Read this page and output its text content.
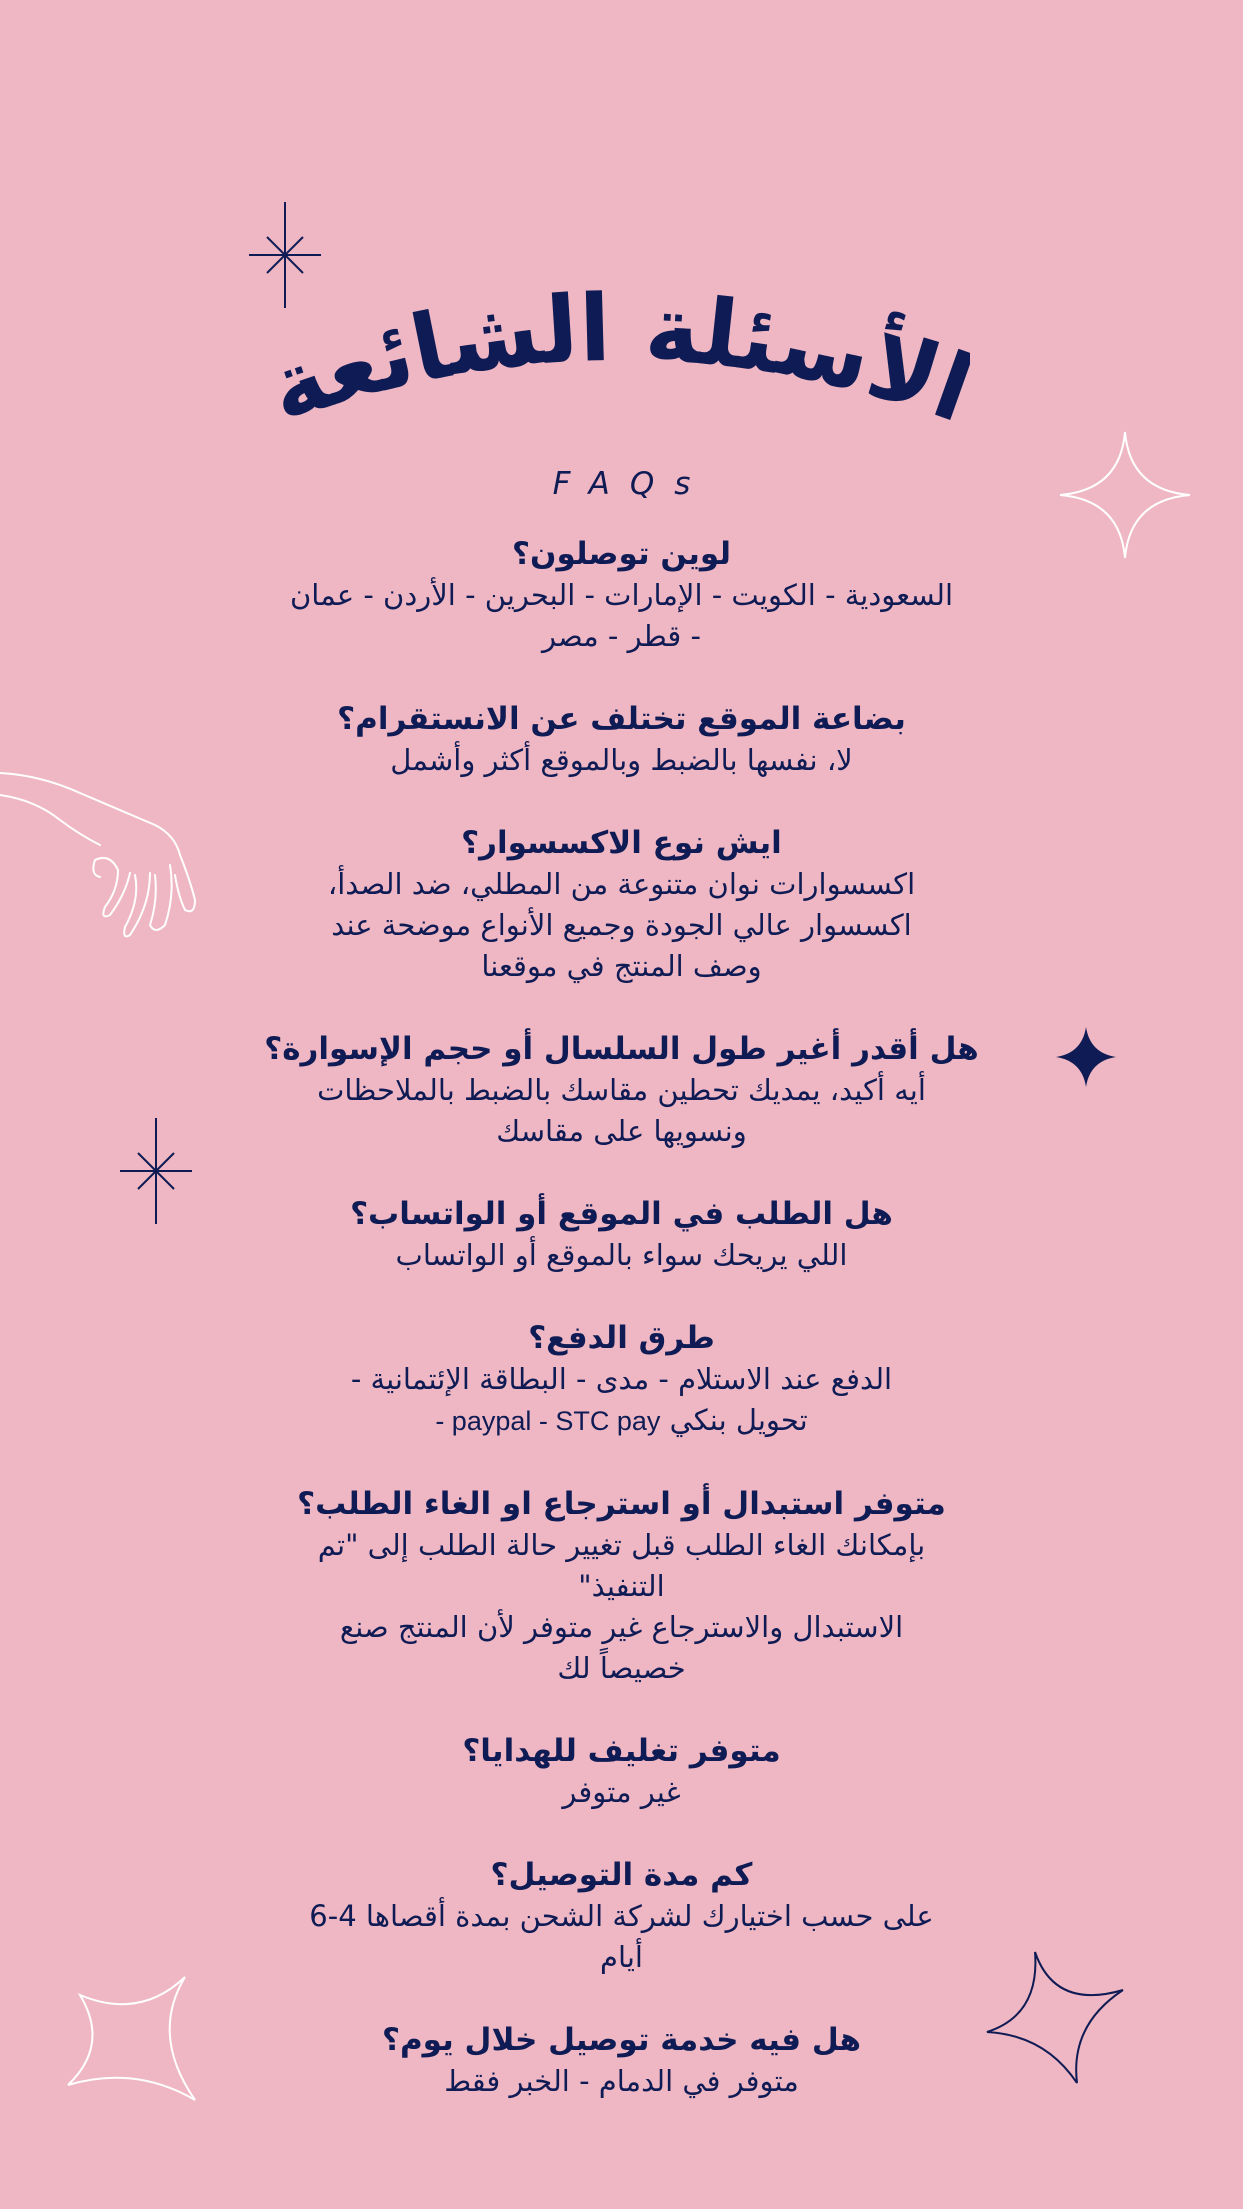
الأسئلة الشائع
FAQs

لوين توصلون؟

السعودية - الكويت - الإمارات - البحرين - الأردن - عمان

- قطر - مصر

بضاعة الموقع تختلف عن الانستقرام؟

لا، نفسها بالضبط وبالموقع أكثر وأشمل

ايش نوع الاكسسوار؟

اكسسوارات نوان متنوعة من المطلي، ضد الصدأ،

اكسسوار عالي الجودة وجميع الأنواع موضحة عند

وصف المنتج في موقعنا

هل أقدر أغير طول السلسال أو حجم الإسوارة؟

أيه أكيد، يمديك تحطين مقاسك بالضبط بالملاحظات

ونسويها على مقاسك

هل الطلب في الموقع أو الواتساب؟

اللي يريحك سواء بالموقع أو الواتساب

طرق الدفع؟

الدفع عند الاستلام - مدى - البطاقة الإئتمانية -

تحويل بنكي - paypal - STC pay

متوفر استبدال أو استرجاع او الغاء الطلب؟

بإمكانك الغاء الطلب قبل تغيير حالة الطلب إلى "تم

التنفيذ"

الاستبدال والاسترجاع غير متوفر لأن المنتج صنع

خصيصاً لك

متوفر تغليف للهدايا؟

غير متوفر

كم مدة التوصيل؟

على حسب اختيارك لشركة الشحن بمدة أقصاها 4-6

أيام

هل فيه خدمة توصيل خلال يوم؟

متوفر في الدمام - الخبر فقط
